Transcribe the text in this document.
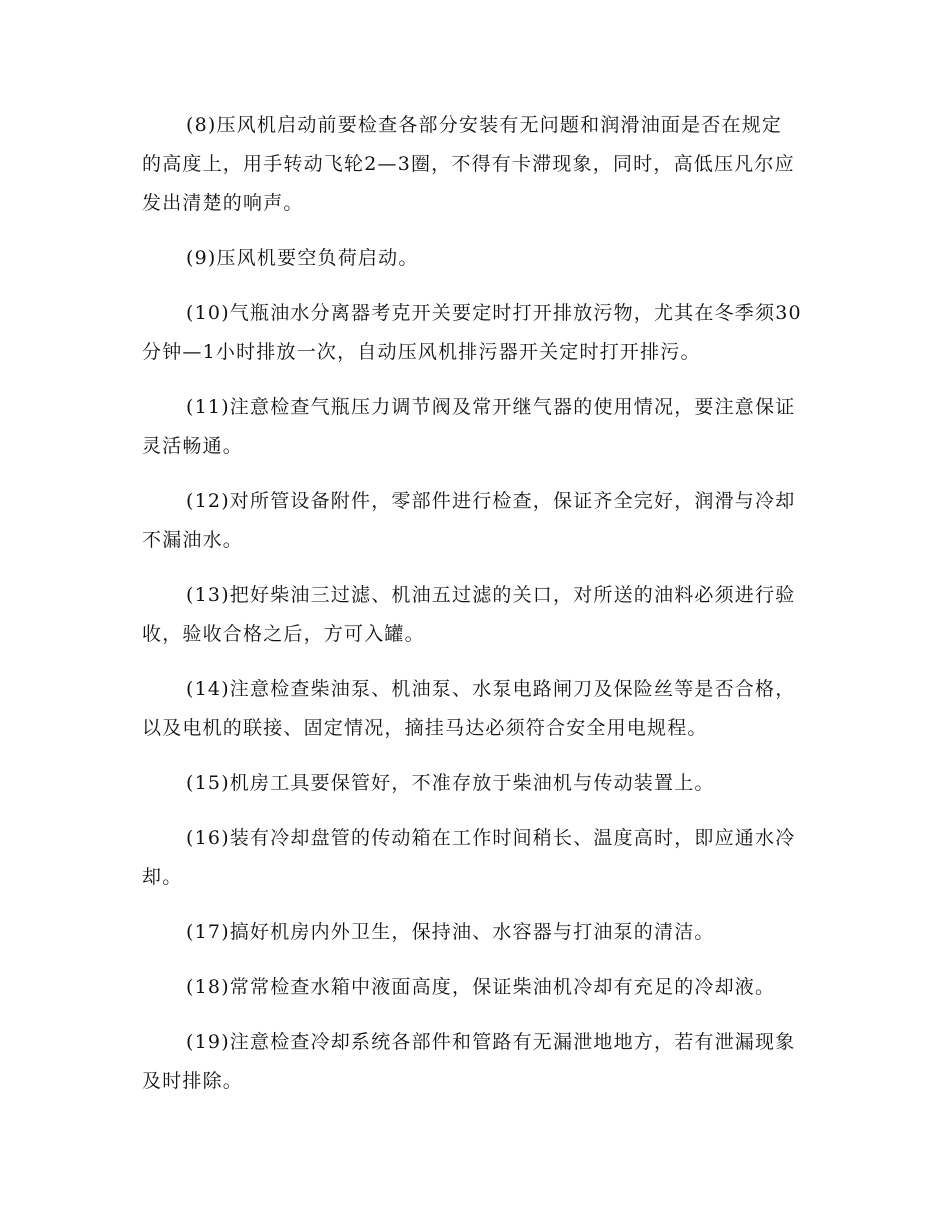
(8)压风机启动前要检查各部分安装有无问题和润滑油面是否在规定的高度上，用手转动飞轮2—3圈，不得有卡滞现象，同时，高低压凡尔应发出清楚的响声。

(9)压风机要空负荷启动。

(10)气瓶油水分离器考克开关要定时打开排放污物，尤其在冬季须30分钟—1小时排放一次，自动压风机排污器开关定时打开排污。

(11)注意检查气瓶压力调节阀及常开继气器的使用情况，要注意保证灵活畅通。

(12)对所管设备附件，零部件进行检查，保证齐全完好，润滑与冷却不漏油水。

(13)把好柴油三过滤、机油五过滤的关口，对所送的油料必须进行验收，验收合格之后，方可入罐。

(14)注意检查柴油泵、机油泵、水泵电路闸刀及保险丝等是否合格，以及电机的联接、固定情况，摘挂马达必须符合安全用电规程。

(15)机房工具要保管好，不准存放于柴油机与传动装置上。

(16)装有冷却盘管的传动箱在工作时间稍长、温度高时，即应通水冷却。

(17)搞好机房内外卫生，保持油、水容器与打油泵的清洁。

(18)常常检查水箱中液面高度，保证柴油机冷却有充足的冷却液。

(19)注意检查冷却系统各部件和管路有无漏泄地地方，若有泄漏现象及时排除。
